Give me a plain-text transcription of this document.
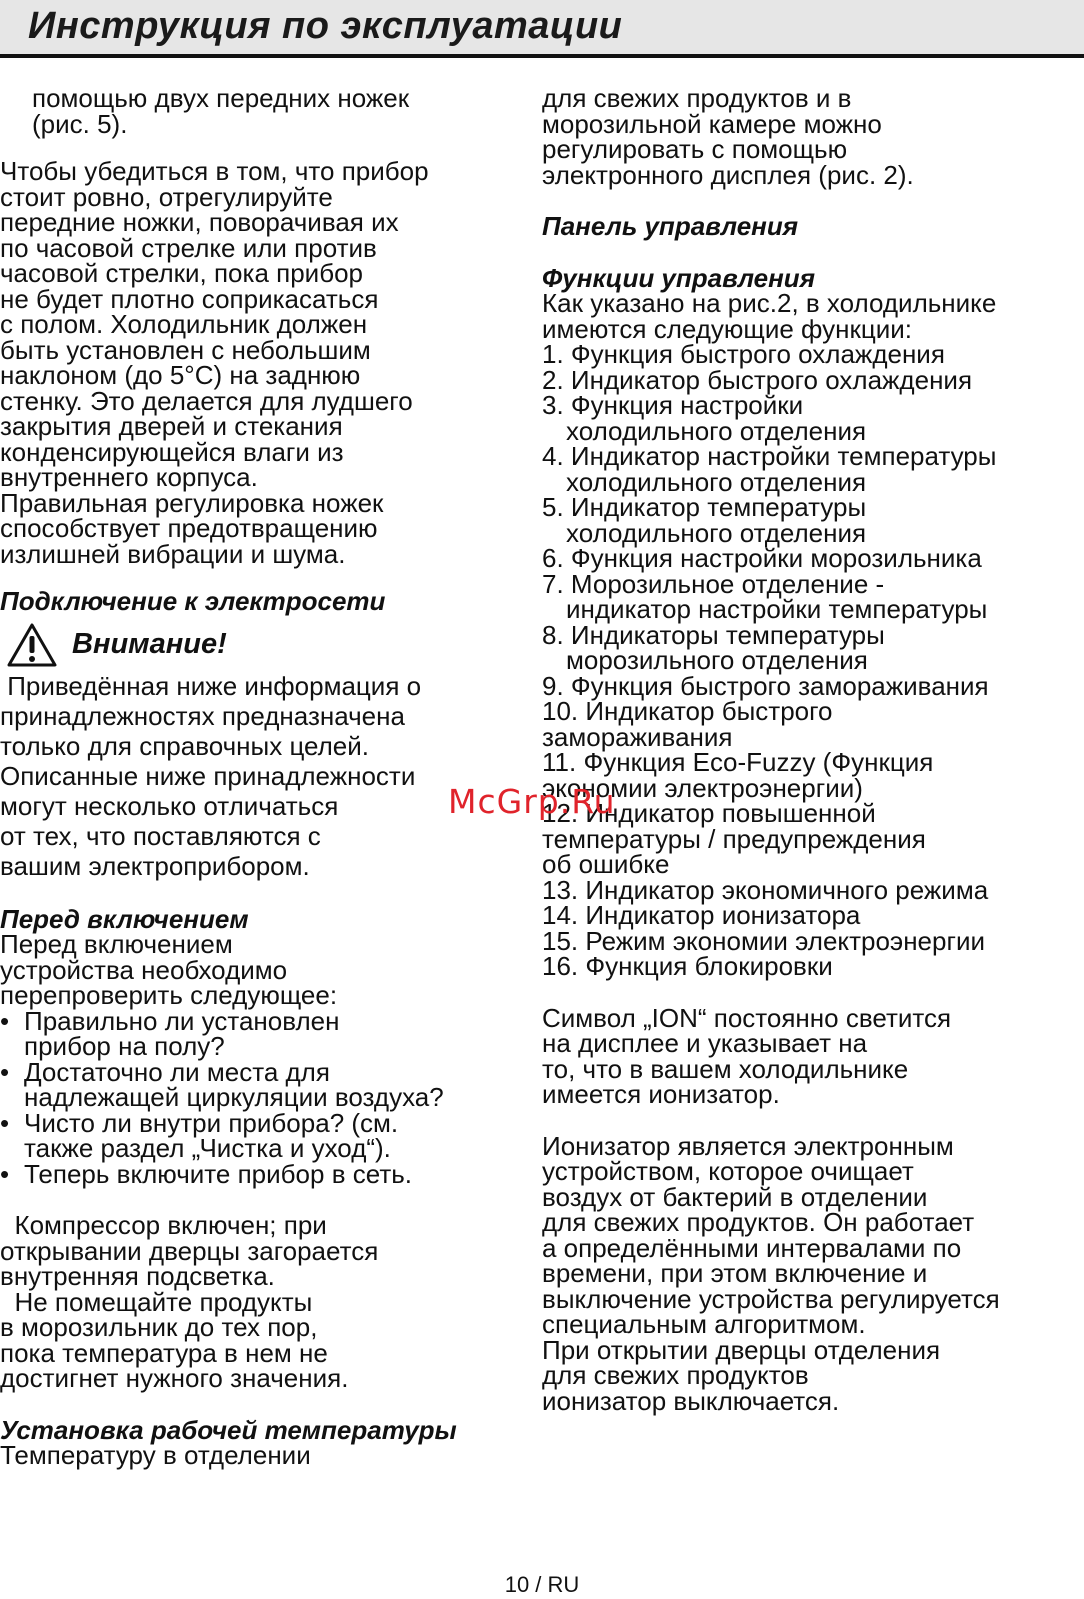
Инструкция по эксплуатации
помощью двух передних ножек
(рис. 5).
Чтобы убедиться в том, что прибор
стоит ровно, отрегулируйте
передние ножки, поворачивая их
по часовой стрелке или против
часовой стрелки, пока прибор
не будет плотно соприкасаться
с полом. Холодильник должен
быть установлен с небольшим
наклоном (до 5°С) на заднюю
стенку. Это делается для лудшего
закрытия дверей и стекания
конденсирующейся влаги из
внутреннего корпуса.
Правильная регулировка ножек
способствует предотвращению
излишней вибрации и шума.
Подключение к электросети
Внимание!
Приведённая ниже информация о
принадлежностях предназначена
только для справочных целей.
Описанные ниже принадлежности
могут несколько отличаться
от тех, что поставляются с
вашим электроприбором.
Перед включением
Перед включением
устройства необходимо
перепроверить следующее:
• Правильно ли установлен
прибор на полу?
• Достаточно ли места для
надлежащей циркуляции воздуха?
• Чисто ли внутри прибора? (см.
также раздел „Чистка и уход“).
• Теперь включите прибор в сеть.
Компрессор включен; при
открывании дверцы загорается
внутренняя подсветка.
Не помещайте продукты
в морозильник до тех пор,
пока температура в нем не
достигнет нужного значения.
Установка рабочей температуры
Температуру в отделении
для свежих продуктов и в
морозильной камере можно
регулировать с помощью
электронного дисплея (рис. 2).
Панель управления
Функции управления
Как указано на рис.2, в холодильнике
имеются следующие функции:
1. Функция быстрого охлаждения
2. Индикатор быстрого охлаждения
3. Функция настройки
холодильного отделения
4. Индикатор настройки температуры
холодильного отделения
5. Индикатор температуры
холодильного отделения
6. Функция настройки морозильника
7. Морозильное отделение -
индикатор настройки температуры
8. Индикаторы температуры
морозильного отделения
9. Функция быстрого замораживания
10. Индикатор быстрого
замораживания
11. Функция Eco-Fuzzy (Функция
экономии электроэнергии)
12. Индикатор повышенной
температуры / предупреждения
об ошибке
13. Индикатор экономичного режима
14. Индикатор ионизатора
15. Режим экономии электроэнергии
16. Функция блокировки
Символ „ION“ постоянно светится
на дисплее и указывает на
то, что в вашем холодильнике
имеется ионизатор.
Ионизатор является электронным
устройством, которое очищает
воздух от бактерий в отделении
для свежих продуктов. Он работает
а определёнными интервалами по
времени, при этом включение и
выключение устройства регулируется
специальным алгоритмом.
При открытии дверцы отделения
для свежих продуктов
ионизатор выключается.
McGrp.Ru
10 / RU
